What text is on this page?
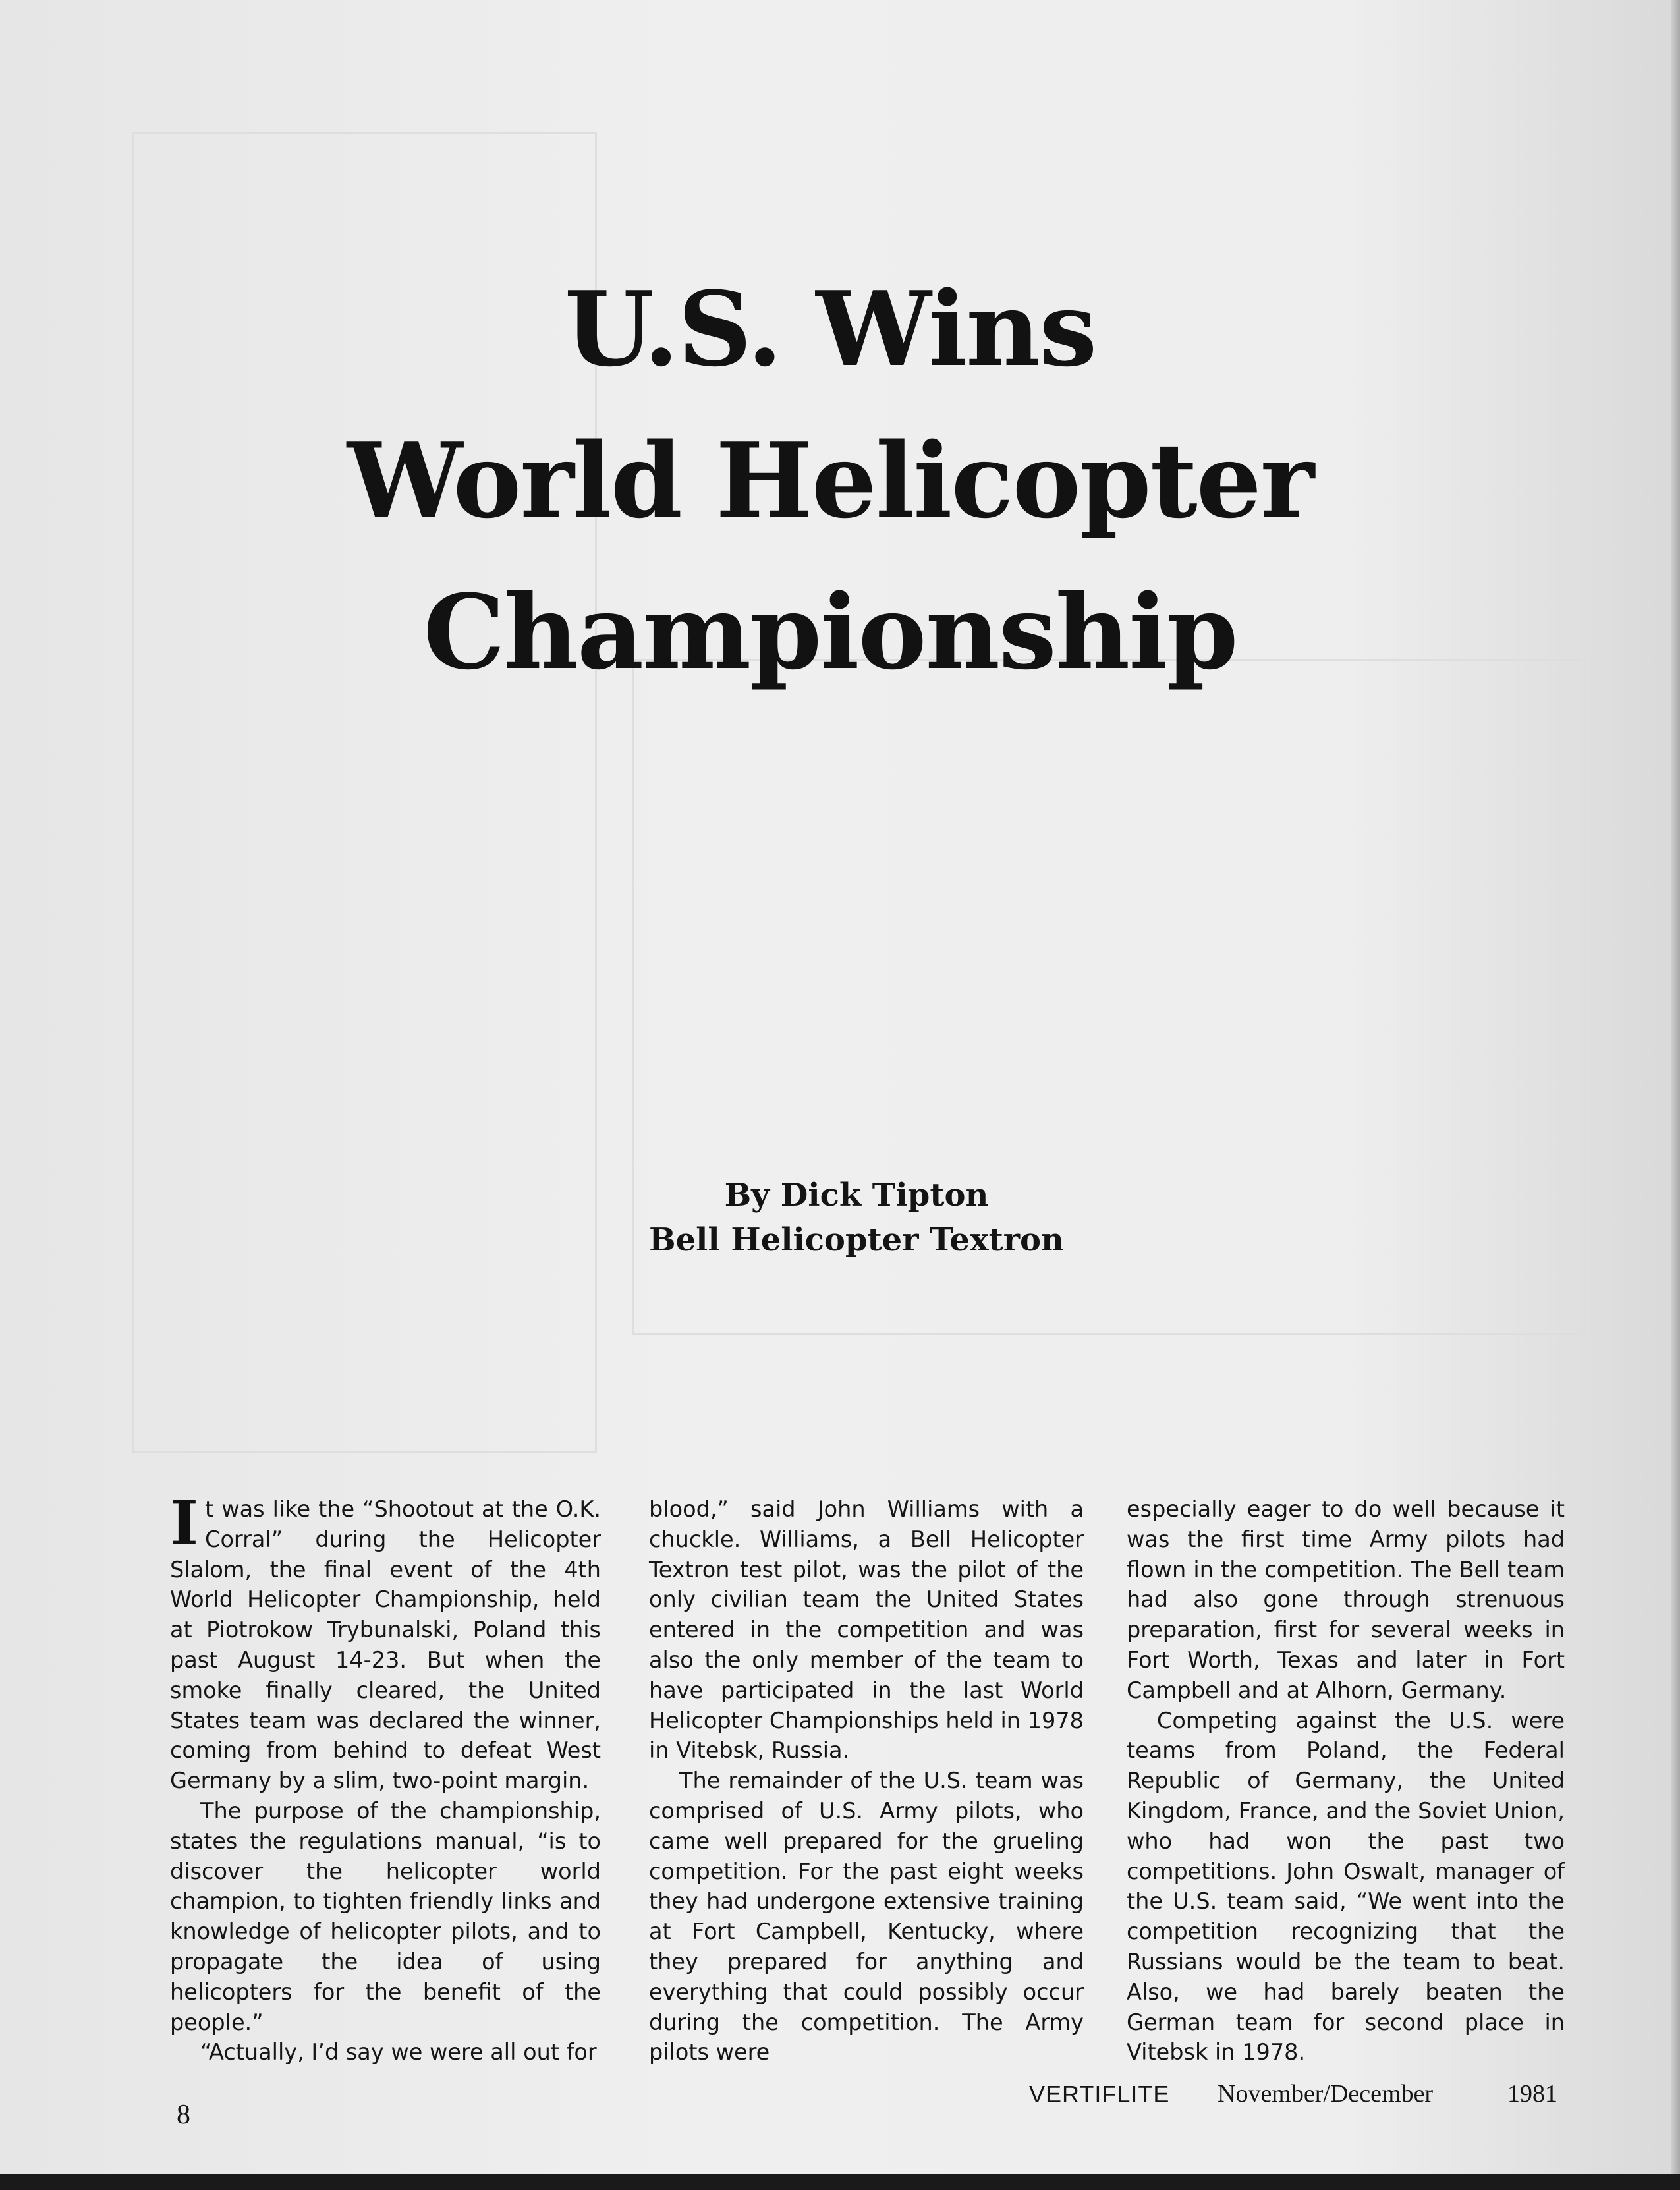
U.S. Wins
World Helicopter
Championship
By Dick Tipton
Bell Helicopter Textron

It was like the “Shootout at the O.K. Corral” during the Helicopter Slalom, the final event of the 4th World Helicopter Championship, held at Piotrokow Trybunalski, Poland this past August 14-23. But when the smoke finally cleared, the United States team was declared the winner, coming from behind to defeat West Germany by a slim, two-point margin.

The purpose of the championship, states the regulations manual, “is to discover the helicopter world champion, to tighten friendly links and knowledge of helicopter pilots, and to propagate the idea of using helicopters for the benefit of the people.”

“Actually, I’d say we were all out for

blood,” said John Williams with a chuckle. Williams, a Bell Helicopter Textron test pilot, was the pilot of the only civilian team the United States entered in the competition and was also the only member of the team to have participated in the last World Helicopter Championships held in 1978 in Vitebsk, Russia.

The remainder of the U.S. team was comprised of U.S. Army pilots, who came well prepared for the grueling competition. For the past eight weeks they had undergone extensive training at Fort Campbell, Kentucky, where they prepared for anything and everything that could possibly occur during the competition. The Army pilots were

especially eager to do well because it was the first time Army pilots had flown in the competition. The Bell team had also gone through strenuous preparation, first for several weeks in Fort Worth, Texas and later in Fort Campbell and at Alhorn, Germany.

Competing against the U.S. were teams from Poland, the Federal Republic of Germany, the United Kingdom, France, and the Soviet Union, who had won the past two competitions. John Oswalt, manager of the U.S. team said, “We went into the competition recognizing that the Russians would be the team to beat. Also, we had barely beaten the German team for second place in Vitebsk in 1978.

8
VERTIFLITE November/December	1981
